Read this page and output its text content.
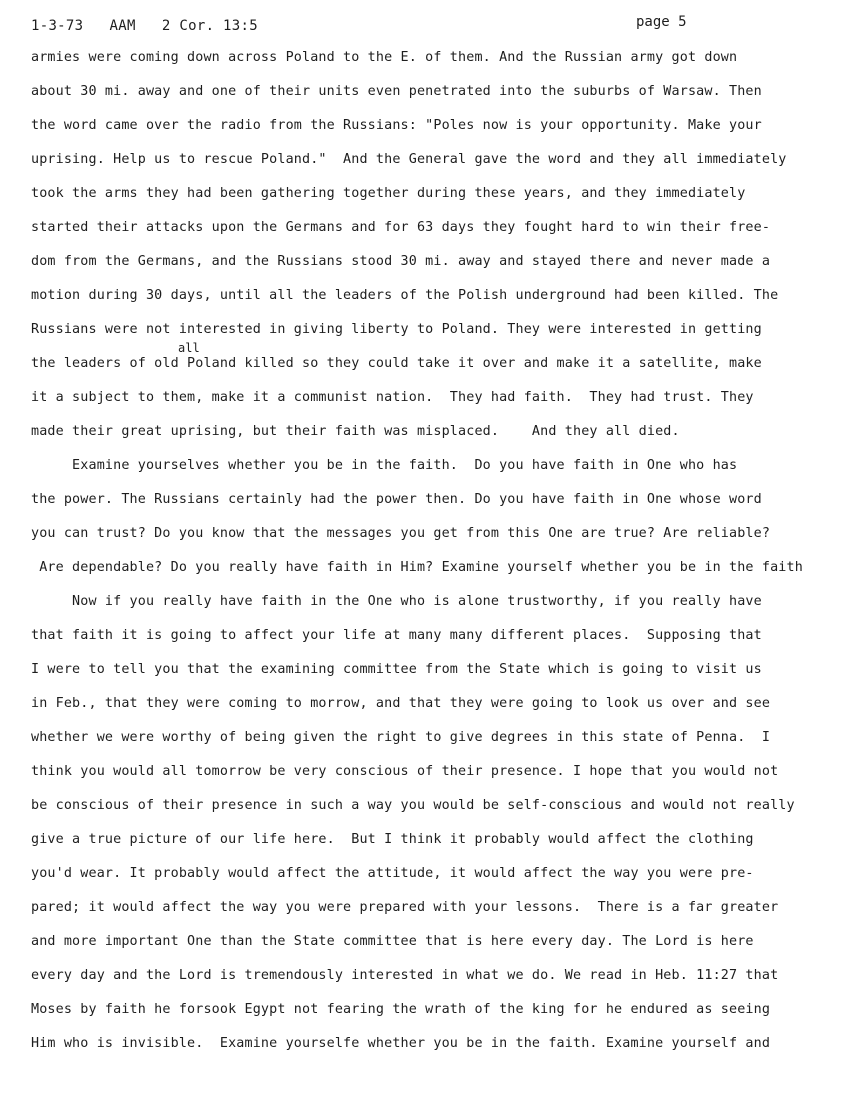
1-3-73   AAM   2 Cor. 13:5	page 5
all
armies were coming down across Poland to the E. of them. And the Russian army got down
about 30 mi. away and one of their units even penetrated into the suburbs of Warsaw. Then
the word came over the radio from the Russians: "Poles now is your opportunity. Make your
uprising. Help us to rescue Poland."  And the General gave the word and they all immediately
took the arms they had been gathering together during these years, and they immediately
started their attacks upon the Germans and for 63 days they fought hard to win their free-
dom from the Germans, and the Russians stood 30 mi. away and stayed there and never made a
motion during 30 days, until all the leaders of the Polish underground had been killed. The
Russians were not interested in giving liberty to Poland. They were interested in getting
the leaders of old Poland killed so they could take it over and make it a satellite, make
it a subject to them, make it a communist nation.  They had faith.  They had trust. They
made their great uprising, but their faith was misplaced.    And they all died.
Examine yourselves whether you be in the faith.  Do you have faith in One who has
the power. The Russians certainly had the power then. Do you have faith in One whose word
you can trust? Do you know that the messages you get from this One are true? Are reliable?
Are dependable? Do you really have faith in Him? Examine yourself whether you be in the faith
Now if you really have faith in the One who is alone trustworthy, if you really have
that faith it is going to affect your life at many many different places.  Supposing that
I were to tell you that the examining committee from the State which is going to visit us
in Feb., that they were coming to morrow, and that they were going to look us over and see
whether we were worthy of being given the right to give degrees in this state of Penna.  I
think you would all tomorrow be very conscious of their presence. I hope that you would not
be conscious of their presence in such a way you would be self-conscious and would not really
give a true picture of our life here.  But I think it probably would affect the clothing
you'd wear. It probably would affect the attitude, it would affect the way you were pre-
pared; it would affect the way you were prepared with your lessons.  There is a far greater
and more important One than the State committee that is here every day. The Lord is here
every day and the Lord is tremendously interested in what we do. We read in Heb. 11:27 that
Moses by faith he forsook Egypt not fearing the wrath of the king for he endured as seeing
Him who is invisible.  Examine yourselfe whether you be in the faith. Examine yourself and
